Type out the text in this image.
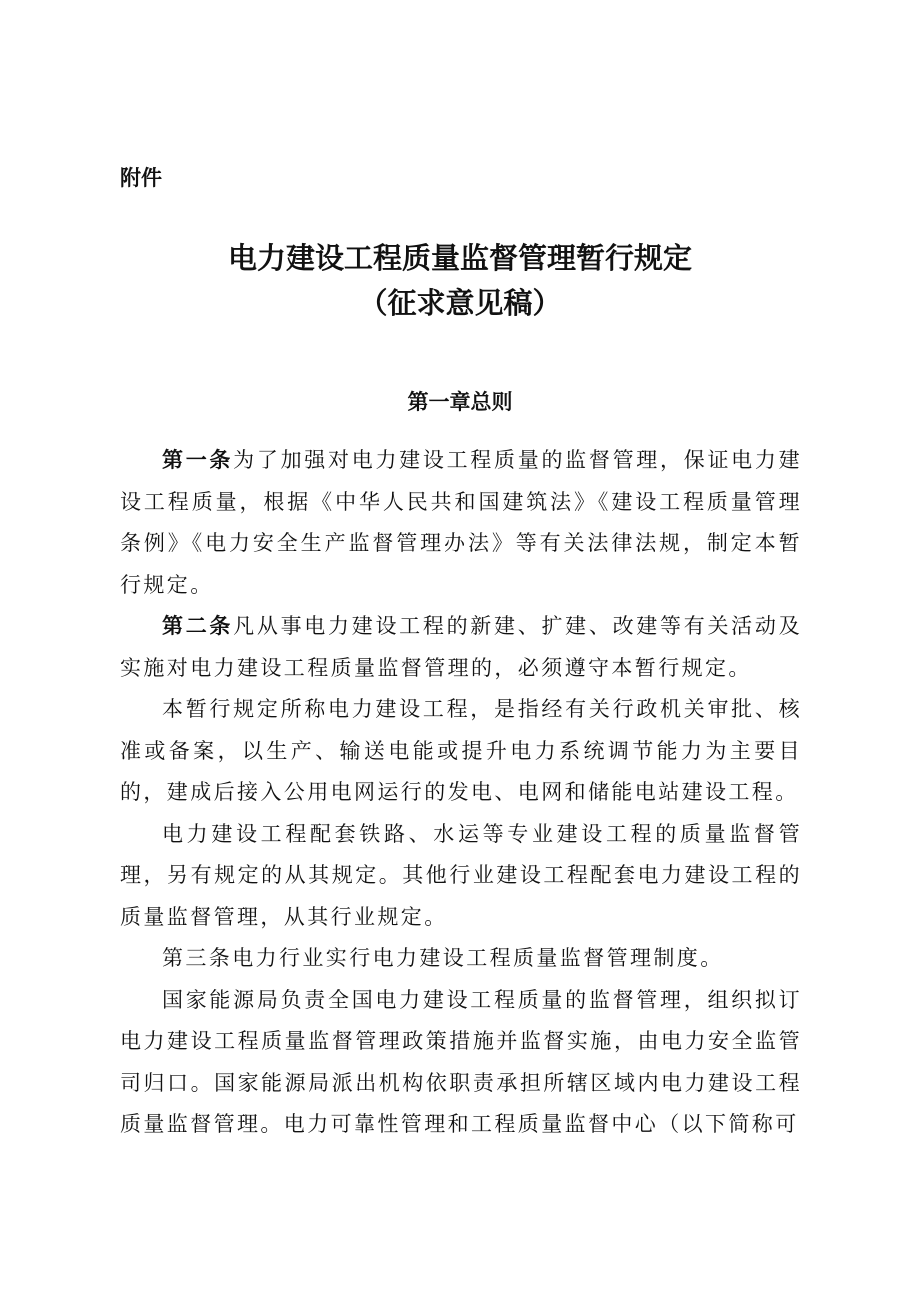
附件
电力建设工程质量监督管理暂行规定
（征求意见稿）
第一章总则

第一条为了加强对电力建设工程质量的监督管理，保证电力建设工程质量，根据《中华人民共和国建筑法》《建设工程质量管理条例》《电力安全生产监督管理办法》等有关法律法规，制定本暂行规定。

第二条凡从事电力建设工程的新建、扩建、改建等有关活动及实施对电力建设工程质量监督管理的，必须遵守本暂行规定。

本暂行规定所称电力建设工程，是指经有关行政机关审批、核准或备案，以生产、输送电能或提升电力系统调节能力为主要目的，建成后接入公用电网运行的发电、电网和储能电站建设工程。

电力建设工程配套铁路、水运等专业建设工程的质量监督管理，另有规定的从其规定。其他行业建设工程配套电力建设工程的质量监督管理，从其行业规定。

第三条电力行业实行电力建设工程质量监督管理制度。

国家能源局负责全国电力建设工程质量的监督管理，组织拟订电力建设工程质量监督管理政策措施并监督实施，由电力安全监管司归口。国家能源局派出机构依职责承担所辖区域内电力建设工程质量监督管理。电力可靠性管理和工程质量监督中心（以下简称可
